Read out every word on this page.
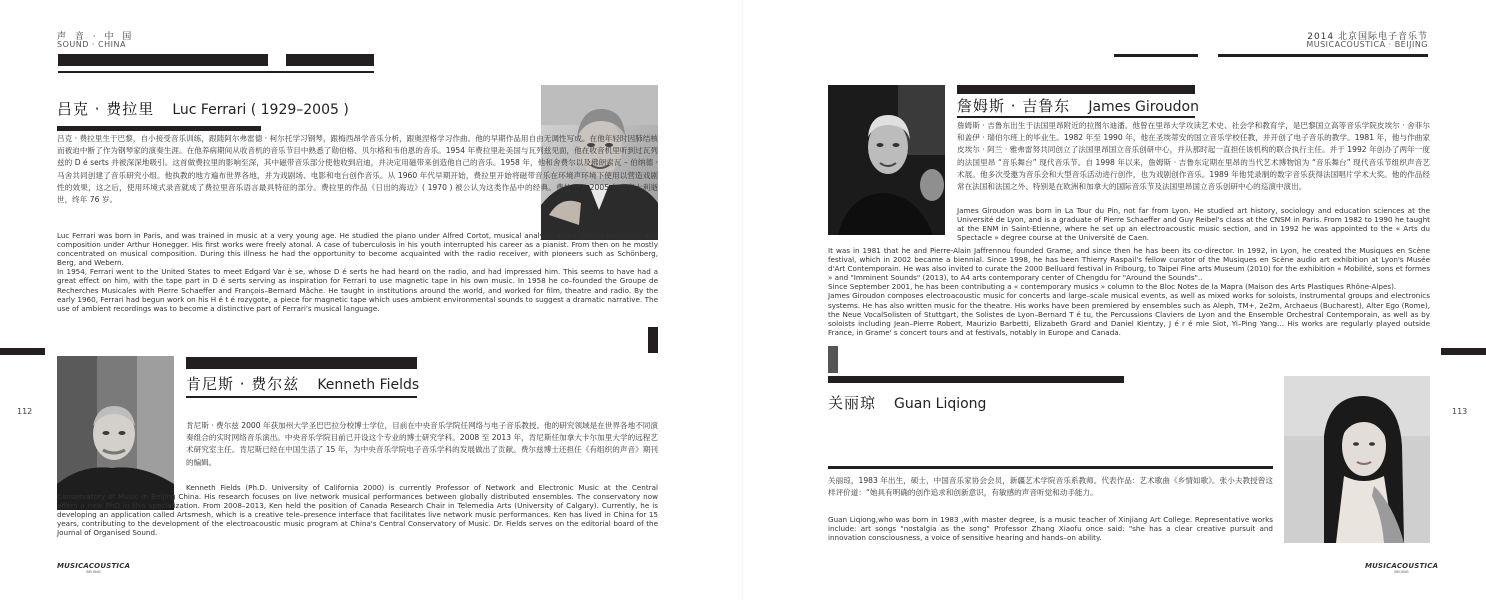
声 音 · 中 国
SOUND · CHINA
2014 北京国际电子音乐节
MUSICACOUSTICA · BEIJING
吕克 · 费拉里 Luc Ferrari ( 1929–2005 )
吕克 · 费拉里生于巴黎，自小接受音乐训练，跟随阿尔弗雷德 · 柯尔托学习钢琴，跟梅西昂学音乐分析，跟奥涅格学习作曲。他的早期作品用自由无调性写成。在他年轻时因肺结核而被迫中断了作为钢琴家的演奏生涯。在他养病期间从收音机的音乐节目中熟悉了勋伯格、贝尔格和韦伯恩的音乐。1954 年费拉里赴美国与瓦列兹见面，他在收音机里听到过瓦列兹的 D é serts 并被深深地吸引。这首做费拉里的影响至深，其中磁带音乐部分使他收到启迪，并决定用磁带来创造他自己的音乐。1958 年，他和舍费尔以及佛朗索瓦 – 伯纳德 · 马舍共同创建了音乐研究小组。他执教的地方遍布世界各地，并为戏剧场、电影和电台创作音乐。从 1960 年代早期开始，费拉里开始将磁带音乐在环境声环境下使用以营造戏剧性的效果，这之后，使用环境式录音就成了费拉里音乐语言最具特征的部分。费拉里的作品《日出的海边》( 1970 ) 被公认为这类作品中的经典。费拉里于 2005 年在秦大利逝世，终年 76 岁。

Luc Ferrari was born in Paris, and was trained in music at a very young age. He studied the piano under Alfred Cortot, musical analysis under Olivier Messiaen, and composition under Arthur Honegger. His first works were freely atonal. A case of tuberculosis in his youth interrupted his career as a pianist. From then on he mostly concentrated on musical composition. During this illness he had the opportunity to become acquainted with the radio receiver, with pioneers such as Schönberg, Berg, and Webern.

In 1954, Ferrari went to the United States to meet Edgard Var è se, whose D é serts he had heard on the radio, and had impressed him. This seems to have had a great effect on him, with the tape part in D é serts serving as inspiration for Ferrari to use magnetic tape in his own music. In 1958 he co–founded the Groupe de Recherches Musicales with Pierre Schaeffer and François–Bernard Mâche. He taught in institutions around the world, and worked for film, theatre and radio. By the early 1960, Ferrari had begun work on his H é t é rozygote, a piece for magnetic tape which uses ambient environmental sounds to suggest a dramatic narrative. The use of ambient recordings was to become a distinctive part of Ferrari's musical language.

112	113
肯尼斯 · 费尔兹 Kenneth Fields
肯尼斯 · 费尔兹 2000 年获加州大学圣巴巴拉分校博士学位，目前在中央音乐学院任网络与电子音乐教授。他的研究领域是在世界各地不同演奏组合的实时网络音乐演出。中央音乐学院目前已开设这个专业的博士研究学科。2008 至 2013 年，肯尼斯任加拿大卡尔加里大学的远程艺术研究室主任。肯尼斯已经在中国生活了 15 年，为中央音乐学院电子音乐学科的发展做出了贡献。费尔兹博士还担任《有组织的声音》期刊的编辑。

Kenneth Fields (Ph.D. University of California 2000) is currently Professor of Network and Electronic Music at the Central Conservatory of Music in Beijing China. His research focuses on live network musical performances between globally distributed ensembles. The conservatory now offers a new PhD in this specialization. From 2008–2013, Ken held the position of Canada Research Chair in Telemedia Arts (University of Calgary). Currently, he is developing an application called Artsmesh, which is a creative tele–presence interface that facilitates live network music performances. Ken has lived in China for 15 years, contributing to the development of the electroacoustic music program at China's Central Conservatory of Music. Dr. Fields serves on the editorial board of the Journal of Organised Sound.

MUSICACOUSTICA
BEIJING
詹姆斯 · 吉鲁东 James Giroudon
詹姆斯 · 吉鲁东出生于法国里昂附近的拉图尔迪潘。他曾在里昂大学攻读艺术史、社会学和教育学，是巴黎国立高等音乐学院皮埃尔 · 舍菲尔和盖伊 · 瑞伯尔班上的毕业生。1982 年至 1990 年，他在圣埃蒂安的国立音乐学校任教，并开创了电子音乐的教学。1981 年，他与作曲家皮埃尔 · 阿兰 · 雅弗雷努共同创立了法国里昂国立音乐创研中心，并从那时起一直担任该机构的联合执行主任。并于 1992 年创办了两年一度的法国里昂 “音乐舞台” 现代音乐节。自 1998 年以来，詹姆斯 · 吉鲁东定期在里昂的当代艺术博物馆为 “音乐舞台” 现代音乐节组织声音艺术展。他多次受邀为音乐会和大型音乐活动进行创作，也为戏剧创作音乐。1989 年他凭录制的数字音乐获得法国唱片学术大奖。他的作品经常在法国和法国之外、特别是在欧洲和加拿大的国际音乐节及法国里昂国立音乐创研中心的巡演中演出。
James Giroudon was born in La Tour du Pin, not far from Lyon. He studied art history, sociology and education sciences at the Université de Lyon, and is a graduate of Pierre Schaeffer and Guy Reibel's class at the CNSM in Paris. From 1982 to 1990 he taught at the ENM in Saint-Etienne, where he set up an electroacoustic music section, and in 1992 he was appointed to the « Arts du Spectacle » degree course at the Université de Caen.

It was in 1981 that he and Pierre-Alain Jaffrennou founded Grame, and since then he has been its co-director. In 1992, in Lyon, he created the Musiques en Scène festival, which in 2002 became a biennial. Since 1998, he has been Thierry Raspail's fellow curator of the Musiques en Scène audio art exhibition at Lyon's Musée d'Art Contemporain. He was also invited to curate the 2000 Belluard festival in Fribourg, to Taipei Fine arts Museum (2010) for the exhibition « Mobilité, sons et formes » and "Imminent Sounds" (2013), to A4 arts contemporary center of Chengdu for "Around the Sounds"..

Since September 2001, he has been contributing a « contemporary musics » column to the Bloc Notes de la Mapra (Maison des Arts Plastiques Rhône-Alpes).

James Giroudon composes electroacoustic music for concerts and large–scale musical events, as well as mixed works for soloists, instrumental groups and electronics systems. He has also written music for the theatre. His works have been premiered by ensembles such as Aleph, TM+, 2e2m, Archaeus (Bucharest), Alter Ego (Rome), the Neue VocalSolisten of Stuttgart, the Solistes de Lyon–Bernard T é tu, the Percussions Claviers de Lyon and the Ensemble Orchestral Contemporain, as well as by soloists including Jean–Pierre Robert, Maurizio Barbetti, Elizabeth Grard and Daniel Kientzy, J é r é mie Siot, Yi–Ping Yang… His works are regularly played outside France, in Grame' s concert tours and at festivals, notably in Europe and Canada.

关丽琼 Guan Liqiong
关丽琼，1983 年出生，硕士，中国音乐家协会会员，新疆艺术学院音乐系教师。代表作品：艺术歌曲《乡情如歌》。张小夫教授曾这样评价道：“她具有明确的创作追求和创新意识，有敏感的声音听觉和动手能力。

Guan Liqiong,who was born in 1983 ,with master degree, is a music teacher of Xinjiang Art College. Representative works include: art songs "nostalgia as the song" Professor Zhang Xiaofu once said: "she has a clear creative pursuit and innovation consciousness, a voice of sensitive hearing and hands–on ability.

MUSICACOUSTICA
BEIJING
